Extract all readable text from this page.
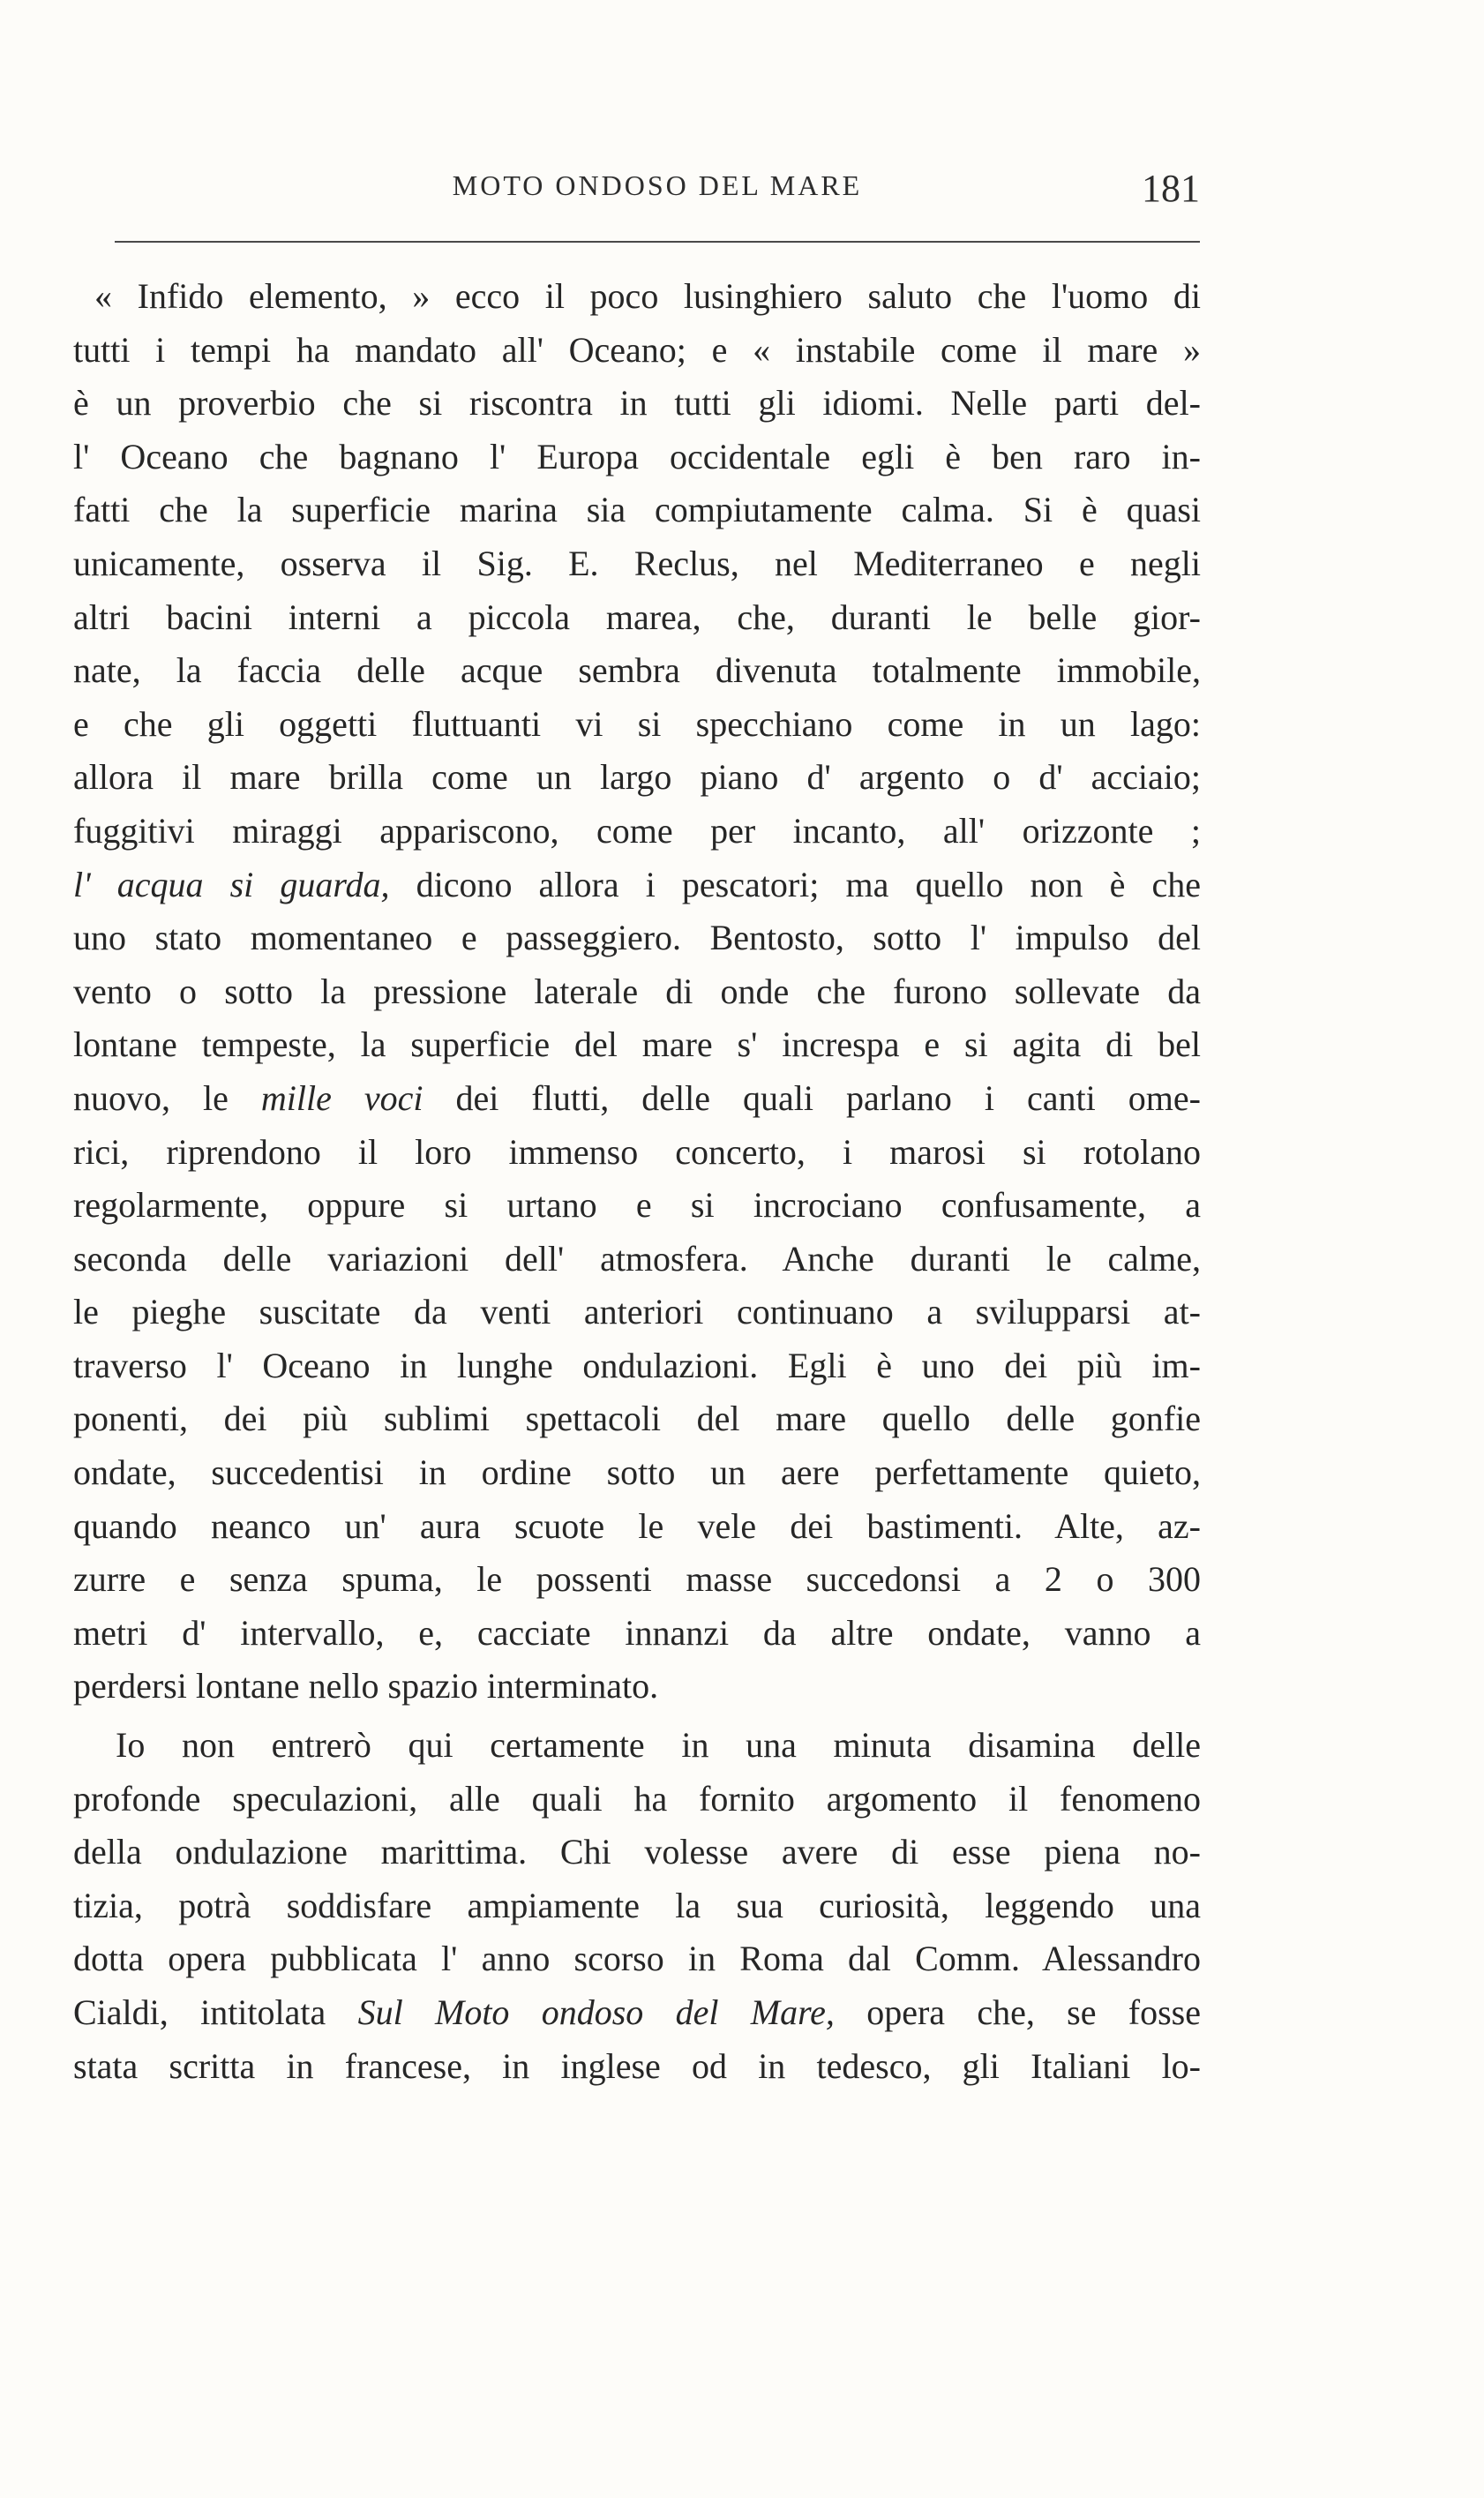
MOTO ONDOSO DEL MARE	181
« Infido elemento, » ecco il poco lusinghiero saluto che l'uomo di
tutti i tempi ha mandato all' Oceano; e « instabile come il mare »
è un proverbio che si riscontra in tutti gli idiomi. Nelle parti del-
l' Oceano che bagnano l' Europa occidentale egli è ben raro in-
fatti che la superficie marina sia compiutamente calma. Si è quasi
unicamente, osserva il Sig. E. Reclus, nel Mediterraneo e negli
altri bacini interni a piccola marea, che, duranti le belle gior-
nate, la faccia delle acque sembra divenuta totalmente immobile,
e che gli oggetti fluttuanti vi si specchiano come in un lago:
allora il mare brilla come un largo piano d' argento o d' acciaio;
fuggitivi miraggi appariscono, come per incanto, all' orizzonte ;
l' acqua si guarda, dicono allora i pescatori; ma quello non è che
uno stato momentaneo e passeggiero. Bentosto, sotto l' impulso del
vento o sotto la pressione laterale di onde che furono sollevate da
lontane tempeste, la superficie del mare s' increspa e si agita di bel
nuovo, le mille voci dei flutti, delle quali parlano i canti ome-
rici, riprendono il loro immenso concerto, i marosi si rotolano
regolarmente, oppure si urtano e si incrociano confusamente, a
seconda delle variazioni dell' atmosfera. Anche duranti le calme,
le pieghe suscitate da venti anteriori continuano a svilupparsi at-
traverso l' Oceano in lunghe ondulazioni. Egli è uno dei più im-
ponenti, dei più sublimi spettacoli del mare quello delle gonfie
ondate, succedentisi in ordine sotto un aere perfettamente quieto,
quando neanco un' aura scuote le vele dei bastimenti. Alte, az-
zurre e senza spuma, le possenti masse succedonsi a 2 o 300
metri d' intervallo, e, cacciate innanzi da altre ondate, vanno a
perdersi lontane nello spazio interminato.
Io non entrerò qui certamente in una minuta disamina delle
profonde speculazioni, alle quali ha fornito argomento il fenomeno
della ondulazione marittima. Chi volesse avere di esse piena no-
tizia, potrà soddisfare ampiamente la sua curiosità, leggendo una
dotta opera pubblicata l' anno scorso in Roma dal Comm. Alessandro
Cialdi, intitolata Sul Moto ondoso del Mare, opera che, se fosse
stata scritta in francese, in inglese od in tedesco, gli Italiani lo-
